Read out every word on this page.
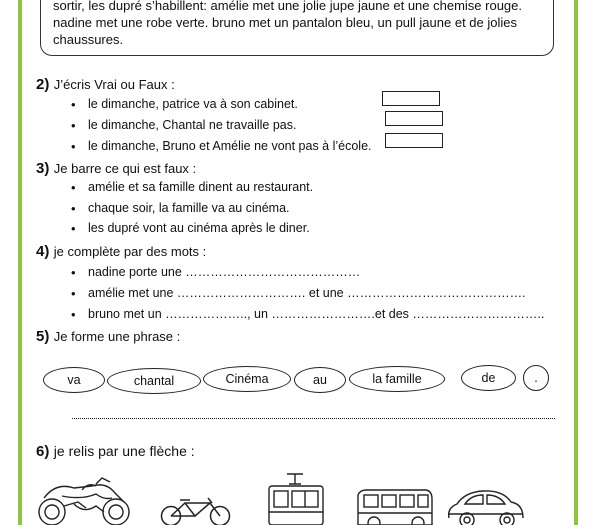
sortir, les dupré s’habillent: amélie met une jolie jupe jaune et une chemise rouge.

nadine met une robe verte. bruno met un pantalon bleu, un pull jaune et de jolies

chaussures.

2) J’écris Vrai ou Faux :
• le dimanche, patrice va à son cabinet.
• le dimanche, Chantal ne travaille pas.
• le dimanche, Bruno et Amélie ne vont pas à l’école.
3) Je barre ce qui est faux :
• amélie et sa famille dinent au restaurant.
• chaque soir, la famille va au cinéma.
• les dupré vont au cinéma après le diner.
4) je complète par des mots :
• nadine porte une ……………………………………
• amélie met une …………………………. et une …………………………………….
• bruno met un ……………….., un …………………….et des …………………………..
5) Je forme une phrase :
va	chantal	Cinéma	au	la famille	de	.
6) je relis par une flèche :
